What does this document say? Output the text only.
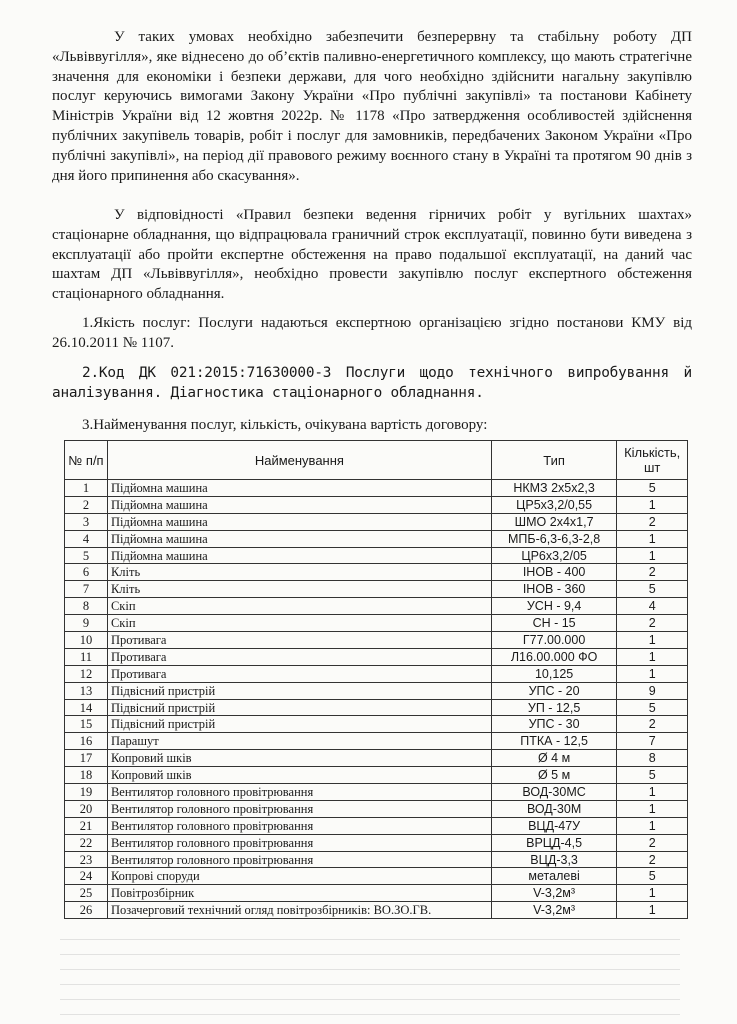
У таких умовах необхідно забезпечити безперервну та стабільну роботу ДП «Львіввугілля», яке віднесено до об’єктів паливно-енергетичного комплексу, що мають стратегічне значення для економіки і безпеки держави, для чого необхідно здійснити нагальну закупівлю послуг керуючись вимогами Закону України «Про публічні закупівлі» та постанови Кабінету Міністрів України від 12 жовтня 2022р. № 1178 «Про затвердження особливостей здійснення публічних закупівель товарів, робіт і послуг для замовників, передбачених Законом України «Про публічні закупівлі», на період дії правового режиму воєнного стану в Україні та протягом 90 днів з дня його припинення або скасування».

У відповідності «Правил безпеки ведення гірничих робіт у вугільних шахтах» стаціонарне обладнання, що відпрацювала граничний строк експлуатації, повинно бути виведена з експлуатації або пройти експертне обстеження на право подальшої експлуатації, на даний час шахтам ДП «Львіввугілля», необхідно провести закупівлю послуг експертного обстеження стаціонарного обладнання.

1.Якість послуг: Послуги надаються експертною організацією згідно постанови КМУ від 26.10.2011 № 1107.

2.Код ДК 021:2015:71630000-3 Послуги щодо технічного випробування й аналізування. Діагностика стаціонарного обладнання.

3.Найменування послуг, кількість, очікувана вартість договору:

№ п/п	Найменування	Тип	Кількість, шт
1	Підйомна машина	НКМЗ 2х5х2,3	5
2	Підйомна машина	ЦР5х3,2/0,55	1
3	Підйомна машина	ШМО 2х4х1,7	2
4	Підйомна машина	МПБ-6,3-6,3-2,8	1
5	Підйомна машина	ЦР6х3,2/05	1
6	Кліть	ІНОВ - 400	2
7	Кліть	ІНОВ - 360	5
8	Скіп	УСН - 9,4	4
9	Скіп	СН - 15	2
10	Противага	Г77.00.000	1
11	Противага	Л16.00.000 ФО	1
12	Противага	10,125	1
13	Підвісний пристрій	УПС - 20	9
14	Підвісний пристрій	УП - 12,5	5
15	Підвісний пристрій	УПС - 30	2
16	Парашут	ПТКА - 12,5	7
17	Копровий шків	Ø 4 м	8
18	Копровий шків	Ø 5 м	5
19	Вентилятор головного провітрювання	ВОД-30МС	1
20	Вентилятор головного провітрювання	ВОД-30М	1
21	Вентилятор головного провітрювання	ВЦД-47У	1
22	Вентилятор головного провітрювання	ВРЦД-4,5	2
23	Вентилятор головного провітрювання	ВЦД-3,3	2
24	Копрові споруди	металеві	5
25	Повітрозбірник	V-3,2м³	1
26	Позачерговий технічний огляд повітрозбірників: ВО.ЗО.ГВ.	V-3,2м³	1
